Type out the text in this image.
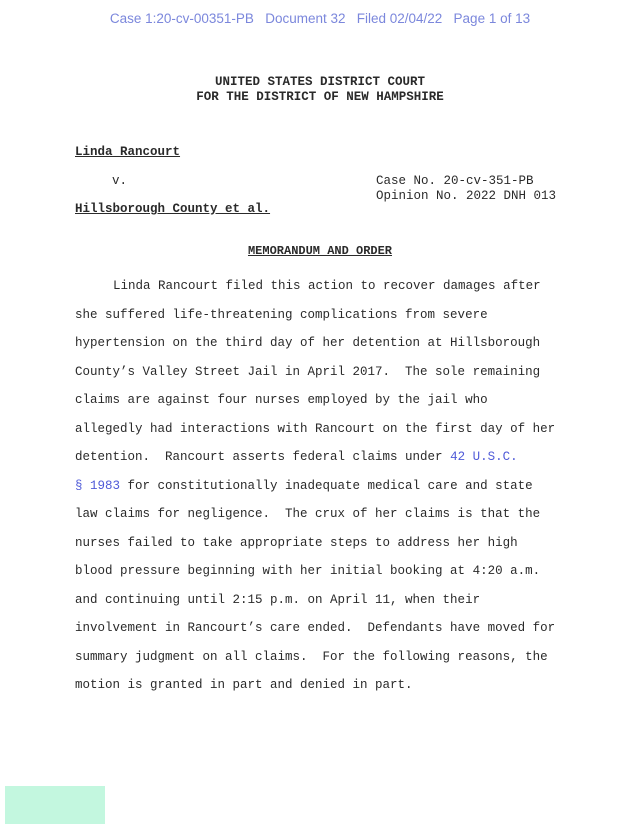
Case 1:20-cv-00351-PB   Document 32   Filed 02/04/22   Page 1 of 13
UNITED STATES DISTRICT COURT
FOR THE DISTRICT OF NEW HAMPSHIRE
Linda Rancourt
v.	Case No. 20-cv-351-PB
Opinion No. 2022 DNH 013
Hillsborough County et al.
MEMORANDUM AND ORDER
Linda Rancourt filed this action to recover damages after
she suffered life-threatening complications from severe
hypertension on the third day of her detention at Hillsborough
County’s Valley Street Jail in April 2017.  The sole remaining
claims are against four nurses employed by the jail who
allegedly had interactions with Rancourt on the first day of her
detention.  Rancourt asserts federal claims under 42 U.S.C.
§ 1983 for constitutionally inadequate medical care and state
law claims for negligence.  The crux of her claims is that the
nurses failed to take appropriate steps to address her high
blood pressure beginning with her initial booking at 4:20 a.m.
and continuing until 2:15 p.m. on April 11, when their
involvement in Rancourt’s care ended.  Defendants have moved for
summary judgment on all claims.  For the following reasons, the
motion is granted in part and denied in part.
